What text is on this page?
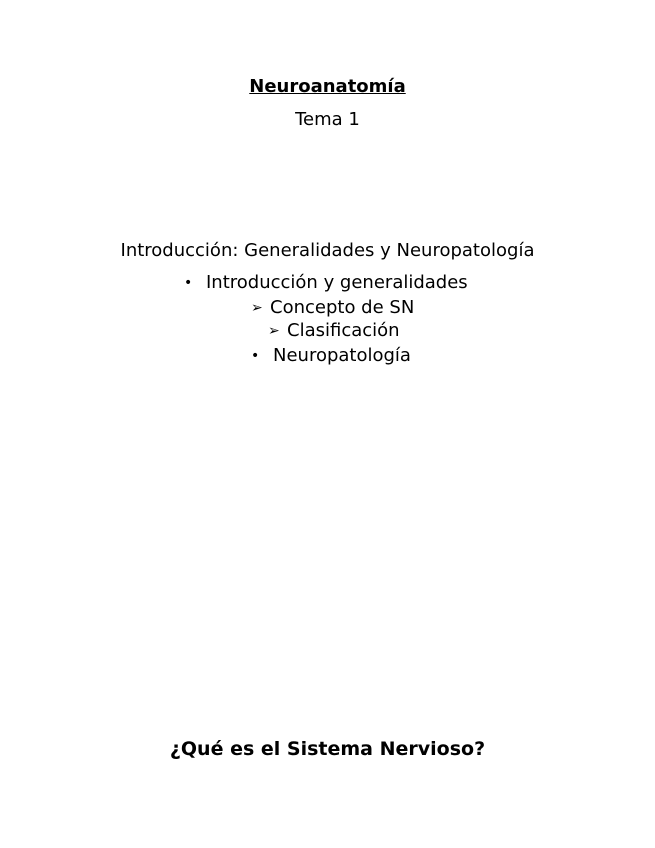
Neuroanatomía
Tema 1
Introducción: Generalidades y Neuropatología
• Introducción y generalidades
➢ Concepto de SN
➢ Clasificación
• Neuropatología
¿Qué es el Sistema Nervioso?
